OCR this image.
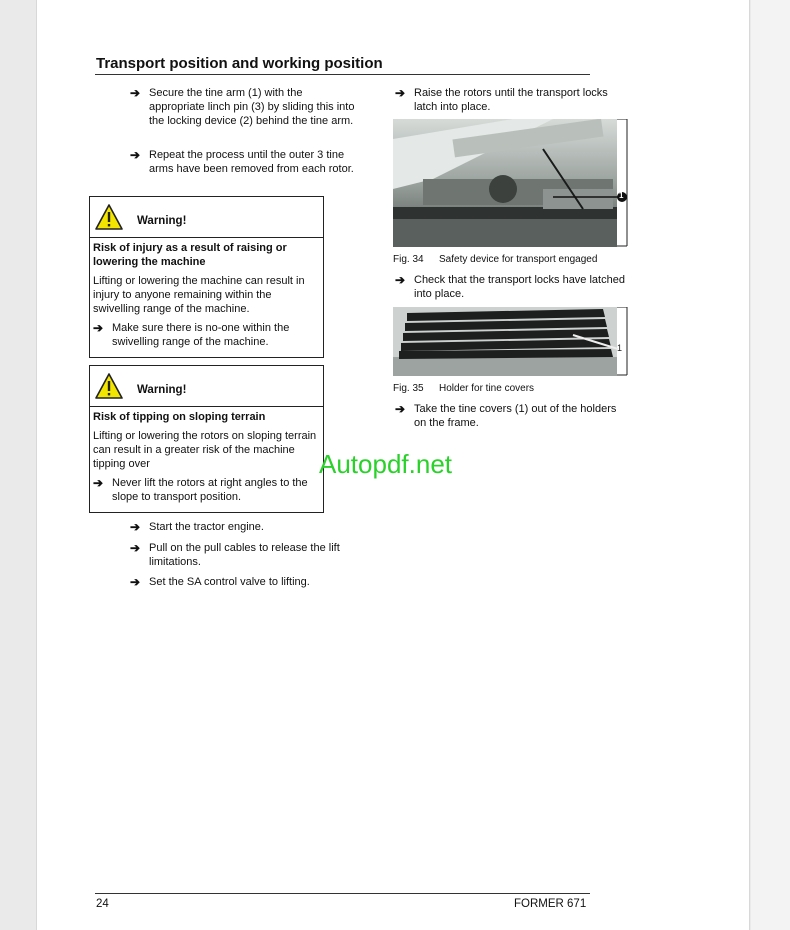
Transport position and working position
➔ Secure the tine arm (1) with the appropriate linch pin (3) by sliding this into the locking device (2) behind the tine arm.
➔ Repeat the process until the outer 3 tine arms have been removed from each rotor.
Warning!
Risk of injury as a result of raising or lowering the machine
Lifting or lowering the machine can result in injury to anyone remaining within the swivelling range of the machine.
➔ Make sure there is no-one within the swivelling range of the machine.
Warning!
Risk of tipping on sloping terrain
Lifting or lowering the rotors on sloping terrain can result in a greater risk of the machine tipping over
➔ Never lift the rotors at right angles to the slope to transport position.
➔ Start the tractor engine.
➔ Pull on the pull cables to release the lift limitations.
➔ Set the SA control valve to lifting.
➔ Raise the rotors until the transport locks latch into place.
1
Fig. 34 Safety device for transport engaged
➔ Check that the transport locks have latched into place.
1
Fig. 35 Holder for tine covers
➔ Take the tine covers (1) out of the holders on the frame.
Autopdf.net
24	FORMER 671
